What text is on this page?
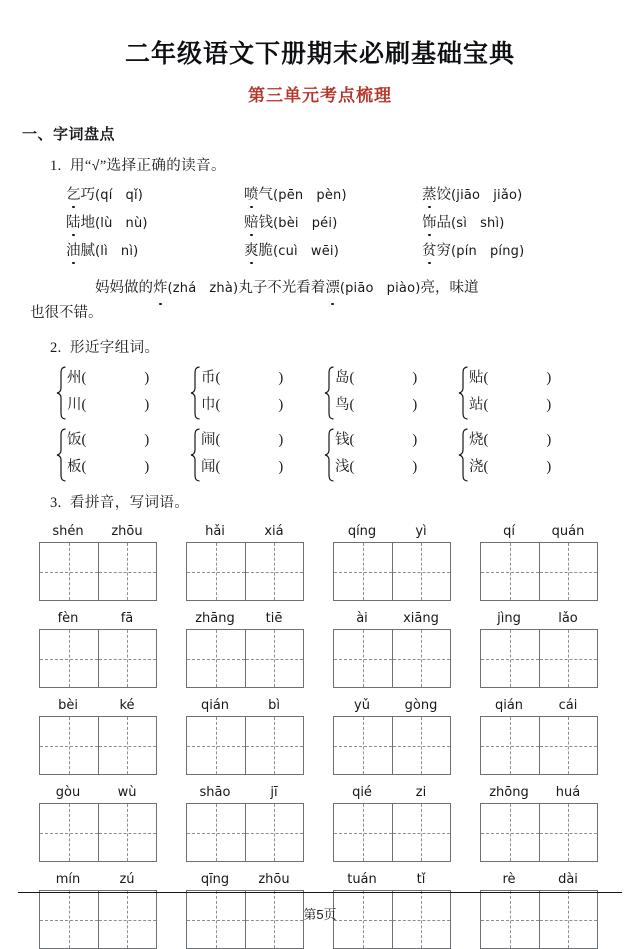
二年级语文下册期末必刷基础宝典
第三单元考点梳理
一、字词盘点
1. 用“√”选择正确的读音。
乞巧(qí qǐ)	喷气(pēn pèn)	蒸饺(jiāo jiǎo)
陆地(lù nù)	赔钱(bèi péi)	饰品(sì shì)
油腻(lì nì)	爽脆(cuì wēi)	贫穷(pín píng)
  妈妈做的炸(zhá zhà)丸子不光看着漂(piāo piào)亮，味道
也很不错。
2. 形近字组词。
州(	)
川(	)
币(	)
巾(	)
岛(	)
鸟(	)
贴(	)
站(	)
饭(	)
板(	)
闹(	)
闻(	)
钱(	)
浅(	)
烧(	)
浇(	)
3. 看拼音，写词语。
shén	zhōu	hǎi	xiá	qíng	yì	qí	quán
fèn	fā	zhāng	tiē	ài	xiāng	jìng	lǎo
bèi	ké	qián	bì	yǔ	gòng	qián	cái
gòu	wù	shāo	jī	qié	zi	zhōng	huá
mín	zú	qīng	zhōu	tuán	tǐ	rè	dài
第5页
